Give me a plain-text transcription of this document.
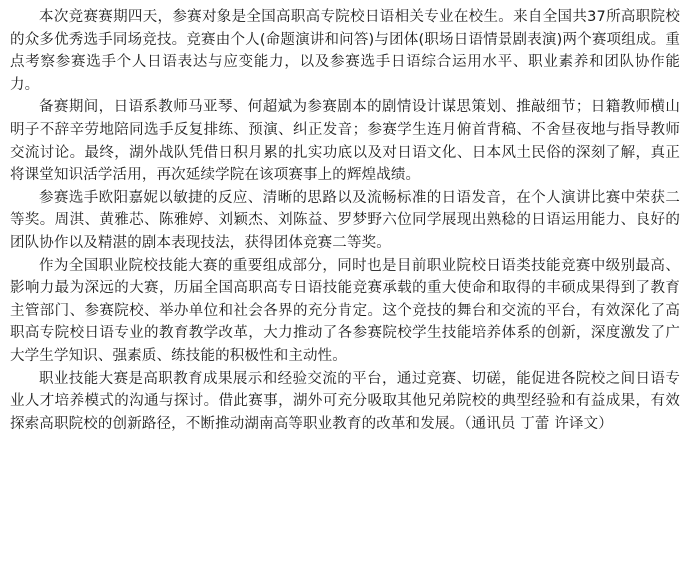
本次竞赛赛期四天，参赛对象是全国高职高专院校日语相关专业在校生。来自全国共37所高职院校的众多优秀选手同场竞技。竞赛由个人(命题演讲和问答)与团体(职场日语情景剧表演)两个赛项组成。重点考察参赛选手个人日语表达与应变能力，以及参赛选手日语综合运用水平、职业素养和团队协作能力。

备赛期间，日语系教师马亚琴、何超斌为参赛剧本的剧情设计谋思策划、推敲细节；日籍教师横山明子不辞辛劳地陪同选手反复排练、预演、纠正发音；参赛学生连月俯首背稿、不舍昼夜地与指导教师交流讨论。最终，湖外战队凭借日积月累的扎实功底以及对日语文化、日本风土民俗的深刻了解，真正将课堂知识活学活用，再次延续学院在该项赛事上的辉煌战绩。

参赛选手欧阳嘉妮以敏捷的反应、清晰的思路以及流畅标准的日语发音，在个人演讲比赛中荣获二等奖。周淇、黄雅芯、陈雅婷、刘颖杰、刘陈益、罗梦野六位同学展现出熟稔的日语运用能力、良好的团队协作以及精湛的剧本表现技法，获得团体竞赛二等奖。

作为全国职业院校技能大赛的重要组成部分，同时也是目前职业院校日语类技能竞赛中级别最高、影响力最为深远的大赛，历届全国高职高专日语技能竞赛承载的重大使命和取得的丰硕成果得到了教育主管部门、参赛院校、举办单位和社会各界的充分肯定。这个竞技的舞台和交流的平台，有效深化了高职高专院校日语专业的教育教学改革，大力推动了各参赛院校学生技能培养体系的创新，深度激发了广大学生学知识、强素质、练技能的积极性和主动性。

职业技能大赛是高职教育成果展示和经验交流的平台，通过竞赛、切磋，能促进各院校之间日语专业人才培养模式的沟通与探讨。借此赛事，湖外可充分吸取其他兄弟院校的典型经验和有益成果，有效探索高职院校的创新路径，不断推动湖南高等职业教育的改革和发展。（通讯员 丁蕾 许译文）
